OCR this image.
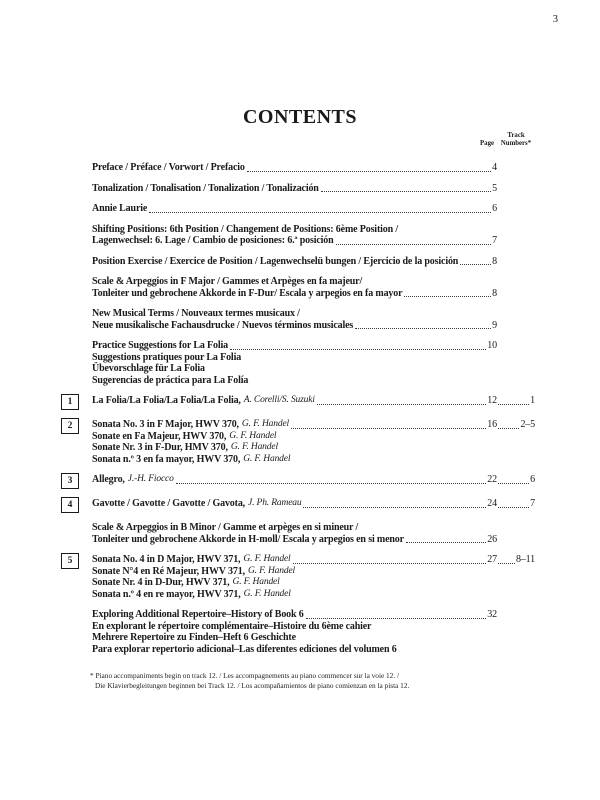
3
CONTENTS
Page
Track
Numbers*
Preface / Préface / Vorwort / Prefacio	4
Tonalization / Tonalisation / Tonalization / Tonalización	5
Annie Laurie	6
Shifting Positions: 6th Position / Changement de Positions: 6ème Position /
Lagenwechsel: 6. Lage / Cambio de posiciones: 6.ª posición	7
Position Exercise / Exercice de Position / Lagenwechselü bungen / Ejercicio de la posición	8
Scale & Arpeggios in F Major / Gammes et Arpèges en fa majeur/
Tonleiter und gebrochene Akkorde in F-Dur/ Escala y arpegios en fa mayor	8
New Musical Terms / Nouveaux termes musicaux /
Neue musikalische Fachausdrucke / Nuevos términos musicales	9
Practice Suggestions for La Folia	10
Suggestions pratiques pour La Folia
Übevorschlage für La Folia
Sugerencias de práctica para La Folía
1	La Folia/La Folia/La Folia/La Folia, A. Corelli/S. Suzuki	12	1
2	Sonata No. 3 in F Major, HWV 370, G. F. Handel	16 2–5
Sonate en Fa Majeur, HWV 370, G. F. Handel
Sonate Nr. 3 in F-Dur, HMV 370, G. F. Handel
Sonata n.º 3 en fa mayor, HWV 370, G. F. Handel
3	Allegro, J.-H. Fiocco	22	6
4	Gavotte / Gavotte / Gavotte / Gavota, J. Ph. Rameau	24	7
Scale & Arpeggios in B Minor / Gamme et arpèges en si mineur /
Tonleiter und gebrochene Akkorde in H-moll/ Escala y arpegios en si menor	26
5	Sonata No. 4 in D Major, HWV 371, G. F. Handel	27 8–11
Sonate N°4 en Ré Majeur, HWV 371, G. F. Handel
Sonate Nr. 4 in D-Dur, HWV 371, G. F. Handel
Sonata n.º 4 en re mayor, HWV 371, G. F. Handel
Exploring Additional Repertoire–History of Book 6	32
En explorant le répertoire complémentaire–Histoire du 6ème cahier
Mehrere Repertoire zu Finden–Heft 6 Geschichte
Para explorar repertorio adicional–Las diferentes ediciones del volumen 6
* Piano accompaniments begin on track 12. / Les accompagnements au piano commencer sur la voie 12. /
Die Klavierbegleitungen beginnen bei Track 12. / Los acompañamientos de piano comienzan en la pista 12.
